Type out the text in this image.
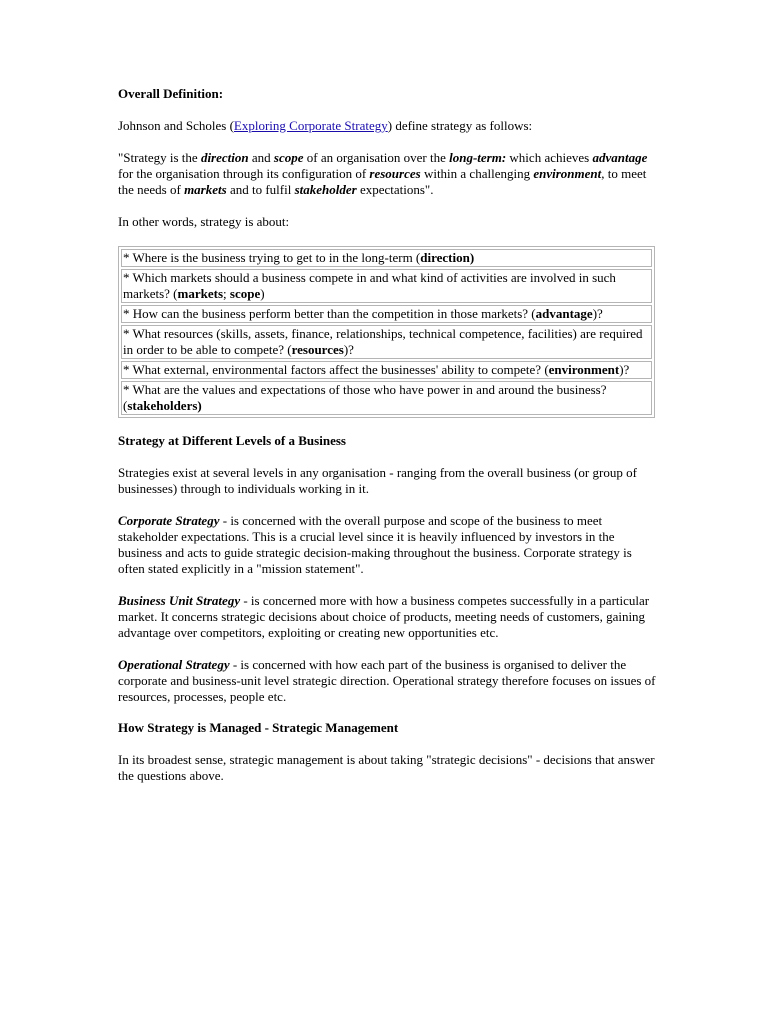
Overall Definition:

Johnson and Scholes (Exploring Corporate Strategy) define strategy as follows:

"Strategy is the direction and scope of an organisation over the long-term: which achieves advantage for the organisation through its configuration of resources within a challenging environment, to meet the needs of markets and to fulfil stakeholder expectations".

In other words, strategy is about:

* Where is the business trying to get to in the long-term (direction)
* Which markets should a business compete in and what kind of activities are involved in such markets? (markets; scope)
* How can the business perform better than the competition in those markets? (advantage)?
* What resources (skills, assets, finance, relationships, technical competence, facilities) are required in order to be able to compete? (resources)?
* What external, environmental factors affect the businesses' ability to compete? (environment)?
* What are the values and expectations of those who have power in and around the business? (stakeholders)

Strategy at Different Levels of a Business

Strategies exist at several levels in any organisation - ranging from the overall business (or group of businesses) through to individuals working in it.

Corporate Strategy - is concerned with the overall purpose and scope of the business to meet stakeholder expectations. This is a crucial level since it is heavily influenced by investors in the business and acts to guide strategic decision-making throughout the business. Corporate strategy is often stated explicitly in a "mission statement".

Business Unit Strategy - is concerned more with how a business competes successfully in a particular market. It concerns strategic decisions about choice of products, meeting needs of customers, gaining advantage over competitors, exploiting or creating new opportunities etc.

Operational Strategy - is concerned with how each part of the business is organised to deliver the corporate and business-unit level strategic direction. Operational strategy therefore focuses on issues of resources, processes, people etc.

How Strategy is Managed - Strategic Management

In its broadest sense, strategic management is about taking "strategic decisions" - decisions that answer the questions above.
